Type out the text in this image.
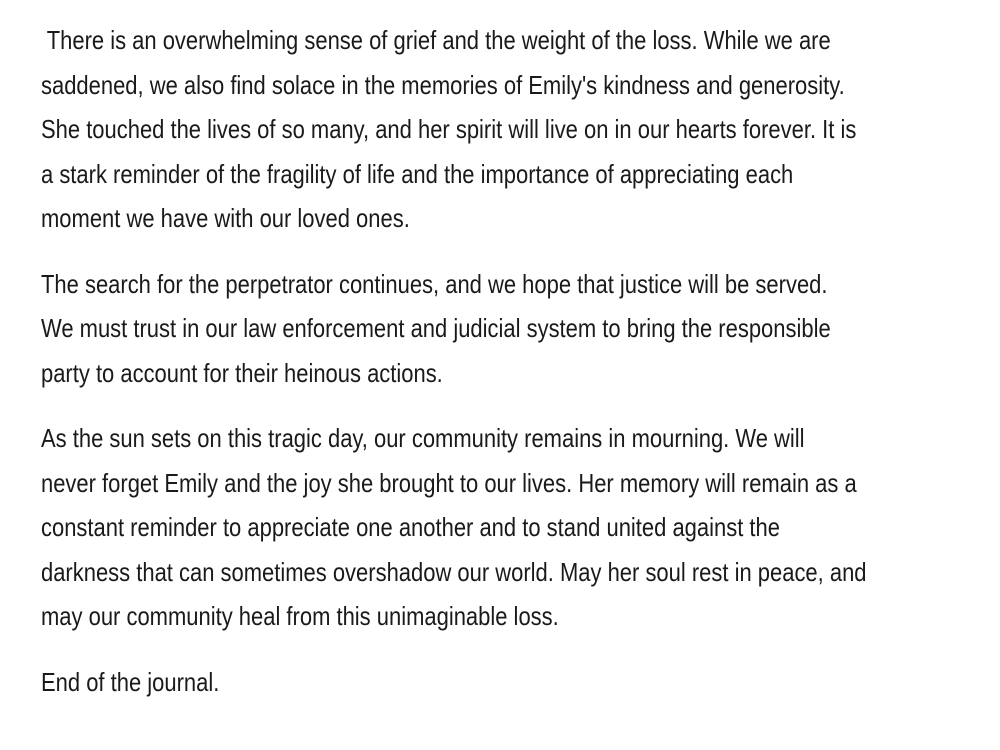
There is an overwhelming sense of grief and the weight of the loss. While we are
saddened, we also find solace in the memories of Emily's kindness and generosity.
She touched the lives of so many, and her spirit will live on in our hearts forever. It is
a stark reminder of the fragility of life and the importance of appreciating each
moment we have with our loved ones.

The search for the perpetrator continues, and we hope that justice will be served.
We must trust in our law enforcement and judicial system to bring the responsible
party to account for their heinous actions.

As the sun sets on this tragic day, our community remains in mourning. We will
never forget Emily and the joy she brought to our lives. Her memory will remain as a
constant reminder to appreciate one another and to stand united against the
darkness that can sometimes overshadow our world. May her soul rest in peace, and
may our community heal from this unimaginable loss.

End of the journal.
